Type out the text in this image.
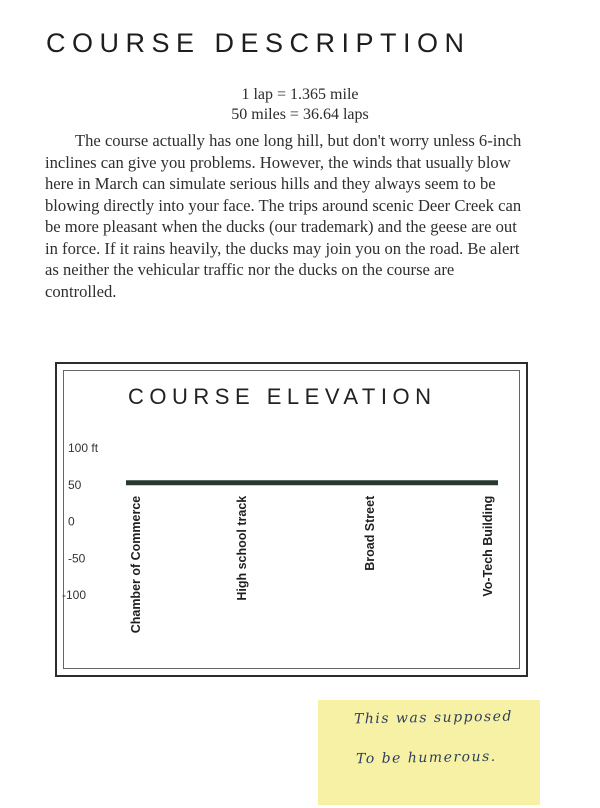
COURSE DESCRIPTION
1 lap = 1.365 mile
50 miles = 36.64 laps

The course actually has one long hill, but don't worry unless 6-inch inclines can give you problems. However, the winds that usually blow here in March can simulate serious hills and they always seem to be blowing directly into your face. The trips around scenic Deer Creek can be more pleasant when the ducks (our trademark) and the geese are out in force. If it rains heavily, the ducks may join you on the road. Be alert as neither the vehicular traffic nor the ducks on the course are controlled.

COURSE ELEVATION
100 ft
50
0
-50
-100	Chamber of Commerce	High school track	Broad Street	Vo-Tech Building
This was supposed
To be humerous.
